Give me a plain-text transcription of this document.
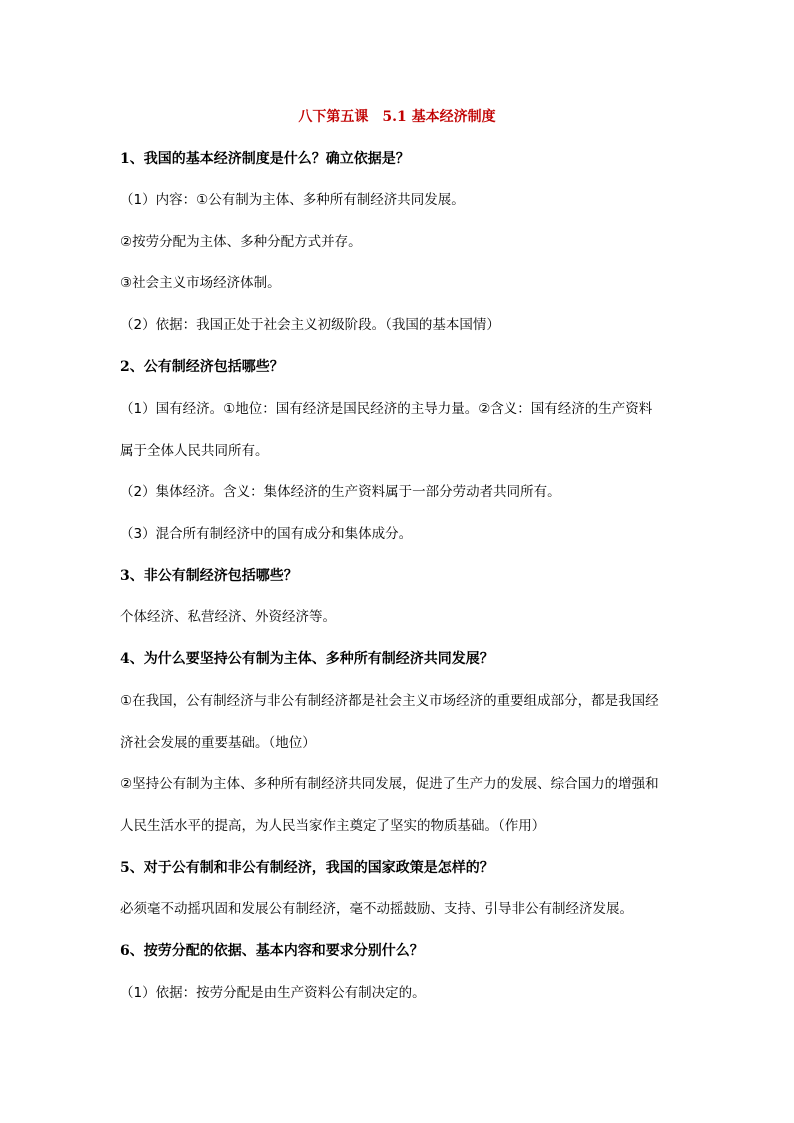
八下第五课　5.1 基本经济制度
1、我国的基本经济制度是什么？确立依据是？
（1）内容：①公有制为主体、多种所有制经济共同发展。
②按劳分配为主体、多种分配方式并存。
③社会主义市场经济体制。
（2）依据：我国正处于社会主义初级阶段。（我国的基本国情）
2、公有制经济包括哪些？
（1）国有经济。①地位：国有经济是国民经济的主导力量。②含义：国有经济的生产资料
属于全体人民共同所有。
（2）集体经济。含义：集体经济的生产资料属于一部分劳动者共同所有。
（3）混合所有制经济中的国有成分和集体成分。
3、非公有制经济包括哪些？
个体经济、私营经济、外资经济等。
4、为什么要坚持公有制为主体、多种所有制经济共同发展？
①在我国，公有制经济与非公有制经济都是社会主义市场经济的重要组成部分，都是我国经
济社会发展的重要基础。（地位）
②坚持公有制为主体、多种所有制经济共同发展，促进了生产力的发展、综合国力的增强和
人民生活水平的提高，为人民当家作主奠定了坚实的物质基础。（作用）
5、对于公有制和非公有制经济，我国的国家政策是怎样的？
必须毫不动摇巩固和发展公有制经济，毫不动摇鼓励、支持、引导非公有制经济发展。
6、按劳分配的依据、基本内容和要求分别什么？
（1）依据：按劳分配是由生产资料公有制决定的。
